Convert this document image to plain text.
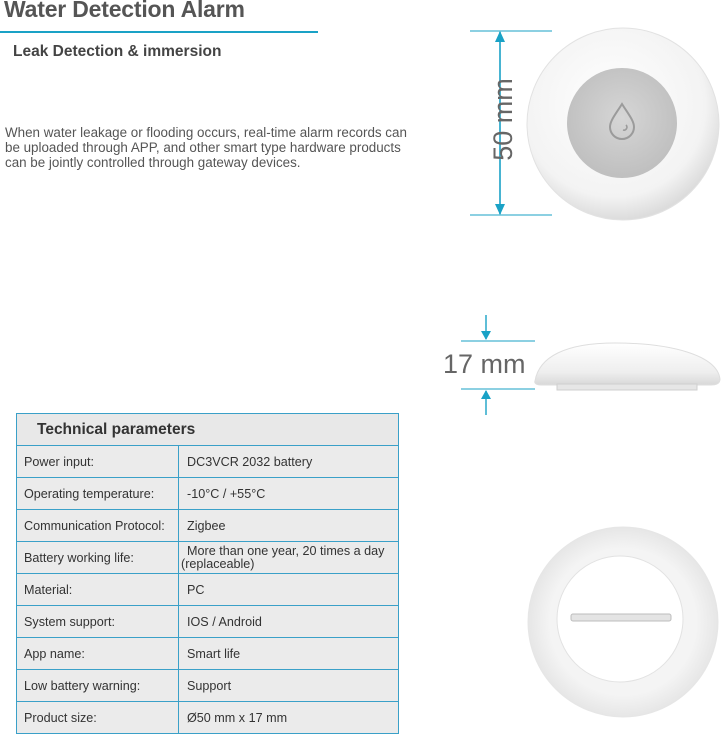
Water Detection Alarm
Leak Detection & immersion
When water leakage or flooding occurs, real-time alarm records can be uploaded through APP, and other smart type hardware products can be jointly controlled through gateway devices.
50 mm
17 mm
Technical parameters
Power input:	DC3VCR 2032 battery
Operating temperature:	-10°C / +55°C
Communication Protocol:	Zigbee
Battery working life:	More than one year, 20 times a day (replaceable)
Material:	PC
System support:	IOS / Android
App name:	Smart life
Low battery warning:	Support
Product size:	Ø50 mm x 17 mm
